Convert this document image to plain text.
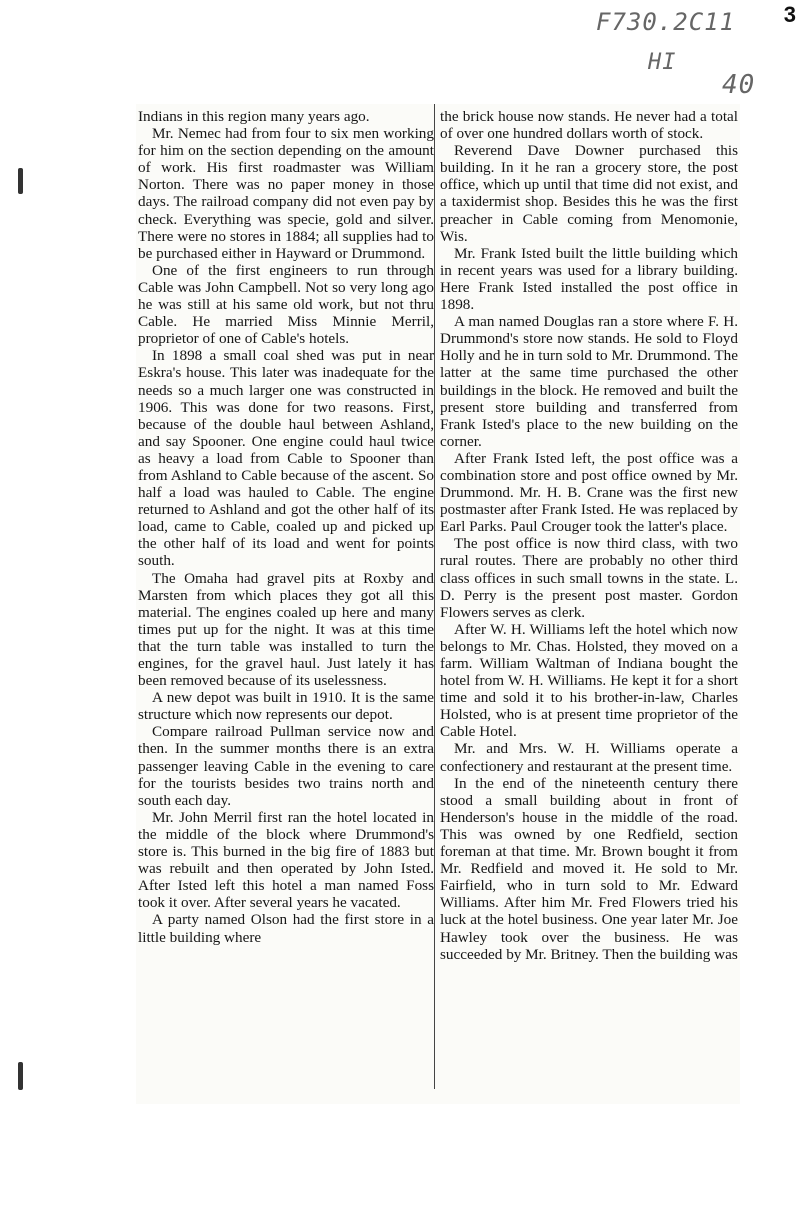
3
F730.2C11
HI
40

Indians in this region many years ago.

Mr. Nemec had from four to six men working for him on the section depending on the amount of work. His first roadmaster was William Norton. There was no paper money in those days. The railroad company did not even pay by check. Everything was specie, gold and silver. There were no stores in 1884; all supplies had to be purchased either in Hayward or Drummond.

One of the first engineers to run through Cable was John Campbell. Not so very long ago he was still at his same old work, but not thru Cable. He married Miss Minnie Merril, proprietor of one of Cable's hotels.

In 1898 a small coal shed was put in near Eskra's house. This later was inadequate for the needs so a much larger one was constructed in 1906. This was done for two reasons. First, because of the double haul between Ashland, and say Spooner. One engine could haul twice as heavy a load from Cable to Spooner than from Ashland to Cable because of the ascent. So half a load was hauled to Cable. The engine returned to Ashland and got the other half of its load, came to Cable, coaled up and picked up the other half of its load and went for points south.

The Omaha had gravel pits at Roxby and Marsten from which places they got all this material. The engines coaled up here and many times put up for the night. It was at this time that the turn table was installed to turn the engines, for the gravel haul. Just lately it has been removed because of its uselessness.

A new depot was built in 1910. It is the same structure which now represents our depot.

Compare railroad Pullman service now and then. In the summer months there is an extra passenger leaving Cable in the evening to care for the tourists besides two trains north and south each day.

Mr. John Merril first ran the hotel located in the middle of the block where Drummond's store is. This burned in the big fire of 1883 but was rebuilt and then operated by John Isted. After Isted left this hotel a man named Foss took it over. After several years he vacated.

A party named Olson had the first store in a little building where

the brick house now stands. He never had a total of over one hundred dollars worth of stock.

Reverend Dave Downer purchased this building. In it he ran a grocery store, the post office, which up until that time did not exist, and a taxidermist shop. Besides this he was the first preacher in Cable coming from Menomonie, Wis.

Mr. Frank Isted built the little building which in recent years was used for a library building. Here Frank Isted installed the post office in 1898.

A man named Douglas ran a store where F. H. Drummond's store now stands. He sold to Floyd Holly and he in turn sold to Mr. Drummond. The latter at the same time purchased the other buildings in the block. He removed and built the present store building and transferred from Frank Isted's place to the new building on the corner.

After Frank Isted left, the post office was a combination store and post office owned by Mr. Drummond. Mr. H. B. Crane was the first new postmaster after Frank Isted. He was replaced by Earl Parks. Paul Crouger took the latter's place.

The post office is now third class, with two rural routes. There are probably no other third class offices in such small towns in the state. L. D. Perry is the present post master. Gordon Flowers serves as clerk.

After W. H. Williams left the hotel which now belongs to Mr. Chas. Holsted, they moved on a farm. William Waltman of Indiana bought the hotel from W. H. Williams. He kept it for a short time and sold it to his brother-in-law, Charles Holsted, who is at present time proprietor of the Cable Hotel.

Mr. and Mrs. W. H. Williams operate a confectionery and restaurant at the present time.

In the end of the nineteenth century there stood a small building about in front of Henderson's house in the middle of the road. This was owned by one Redfield, section foreman at that time. Mr. Brown bought it from Mr. Redfield and moved it. He sold to Mr. Fairfield, who in turn sold to Mr. Edward Williams. After him Mr. Fred Flowers tried his luck at the hotel business. One year later Mr. Joe Hawley took over the business. He was succeeded by Mr. Britney. Then the building was
